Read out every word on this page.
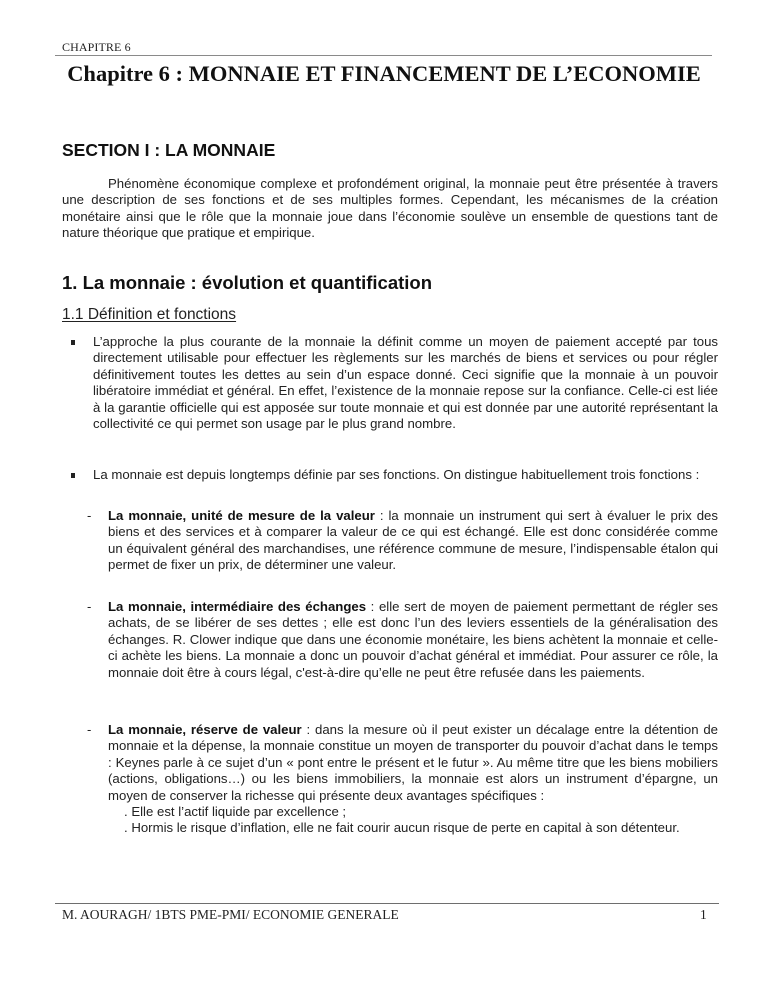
CHAPITRE 6
Chapitre 6 : MONNAIE ET FINANCEMENT DE L’ECONOMIE
SECTION I : LA MONNAIE
Phénomène économique complexe et profondément original, la monnaie peut être présentée à travers une description de ses fonctions et de ses multiples formes. Cependant, les mécanismes de la création monétaire ainsi que le rôle que la monnaie joue dans l’économie soulève un ensemble de questions tant de nature théorique que pratique et empirique.
1. La monnaie : évolution et quantification
1.1 Définition et fonctions
L’approche la plus courante de la monnaie la définit comme un moyen de paiement accepté par tous directement utilisable pour effectuer les règlements sur les marchés de biens et services ou pour régler définitivement toutes les dettes au sein d’un espace donné. Ceci signifie que la monnaie à un pouvoir libératoire immédiat et général. En effet, l’existence de la monnaie repose sur la confiance. Celle-ci est liée à la garantie officielle qui est apposée sur toute monnaie et qui est donnée par une autorité représentant la collectivité ce qui permet son usage par le plus grand nombre.
La monnaie est depuis longtemps définie par ses fonctions. On distingue habituellement trois fonctions :
- La monnaie, unité de mesure de la valeur : la monnaie un instrument qui sert à évaluer le prix des biens et des services et à comparer la valeur de ce qui est échangé. Elle est donc considérée comme un équivalent général des marchandises, une référence commune de mesure, l’indispensable étalon qui permet de fixer un prix, de déterminer une valeur.
- La monnaie, intermédiaire des échanges : elle sert de moyen de paiement permettant de régler ses achats, de se libérer de ses dettes ; elle est donc l’un des leviers essentiels de la généralisation des échanges. R. Clower indique que dans une économie monétaire, les biens achètent la monnaie et celle-ci achète les biens. La monnaie a donc un pouvoir d’achat général et immédiat. Pour assurer ce rôle, la monnaie doit être à cours légal, c'est-à-dire qu’elle ne peut être refusée dans les paiements.
- La monnaie, réserve de valeur : dans la mesure où il peut exister un décalage entre la détention de monnaie et la dépense, la monnaie constitue un moyen de transporter du pouvoir d’achat dans le temps : Keynes parle à ce sujet d’un « pont entre le présent et le futur ». Au même titre que les biens mobiliers (actions, obligations…) ou les biens immobiliers, la monnaie est alors un instrument d’épargne, un moyen de conserver la richesse qui présente deux avantages spécifiques :
. Elle est l’actif liquide par excellence ;
. Hormis le risque d’inflation, elle ne fait courir aucun risque de perte en capital à son détenteur.
M. AOURAGH/ 1BTS PME-PMI/ ECONOMIE GENERALE	1
